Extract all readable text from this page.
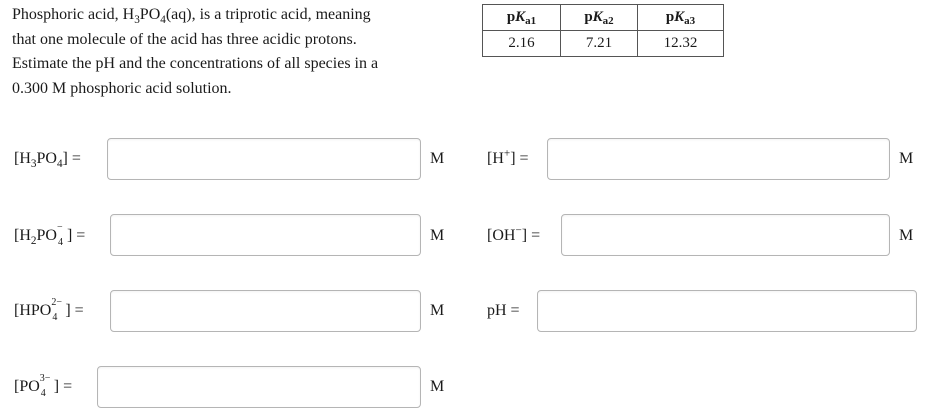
Phosphoric acid, $H_3PO_4(aq)$, is a triprotic acid, meaning
that one molecule of the acid has three acidic protons.
Estimate the pH and the concentrations of all species in a
0.300 M phosphoric acid solution.
$pK_{a1}$	$pK_{a2}$	$pK_{a3}$
2.16	7.21	12.32
$[H_3PO_4]$ =	M
[$H_2PO$ −
4 ] =	M
[HPO 2−
4 ] =	M
[PO 3−
4 ] =	M
[H+] =	M
[OH−] =	M
pH =
